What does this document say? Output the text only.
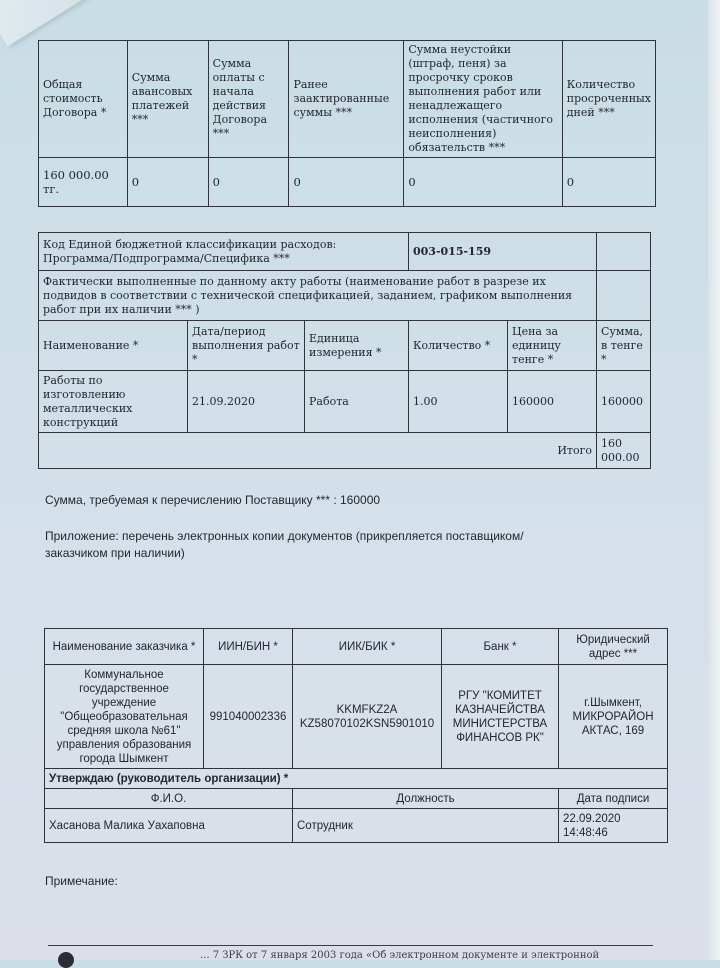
Общая стоимость Договора *	Сумма авансовых платежей ***	Сумма оплаты с начала действия Договора ***	Ранее заактированные суммы ***	Сумма неустойки (штраф, пеня) за просрочку сроков выполнения работ или ненадлежащего исполнения (частичного неисполнения) обязательств ***	Количество просроченных дней ***
160 000.00 тг.	0	0	0	0	0
Код Единой бюджетной классификации расходов: Программа/Подпрограмма/Специфика ***			003-015-159		
Фактически выполненные по данному акту работы (наименование работ в разрезе их подвидов в соответствии с технической спецификацией, заданием, графиком выполнения работ при их наличии *** )					
Наименование *	Дата/период выполнения работ *	Единица измерения *	Количество *	Цена за единицу тенге *	Сумма, в тенге *
Работы по изготовлению металлических конструкций	21.09.2020	Работа	1.00	160000	160000
Итого					160 000.00
Сумма, требуемая к перечислению Поставщику *** : 160000
Приложение: перечень электронных копии документов (прикрепляется поставщиком/заказчиком при наличии)
Наименование заказчика *	ИИН/БИН *	ИИК/БИК *	Банк *	Юридический адрес ***
Коммунальное государственное учреждение "Общеобразовательная средняя школа №61" управления образования города Шымкент	991040002336	KKMFKZ2A KZ58070102KSN5901010	РГУ "КОМИТЕТ КАЗНАЧЕЙСТВА МИНИСТЕРСТВА ФИНАНСОВ РК"	г.Шымкент, МИКРОРАЙОН АКТАС, 169
Утверждаю (руководитель организации) *				
Ф.И.О.		Должность		Дата подписи
Хасанова Малика Уахаповна		Сотрудник		22.09.2020 14:48:46
Примечание:
... 7 ЗРК от 7 января 2003 года «Об электронном документе и электронной
